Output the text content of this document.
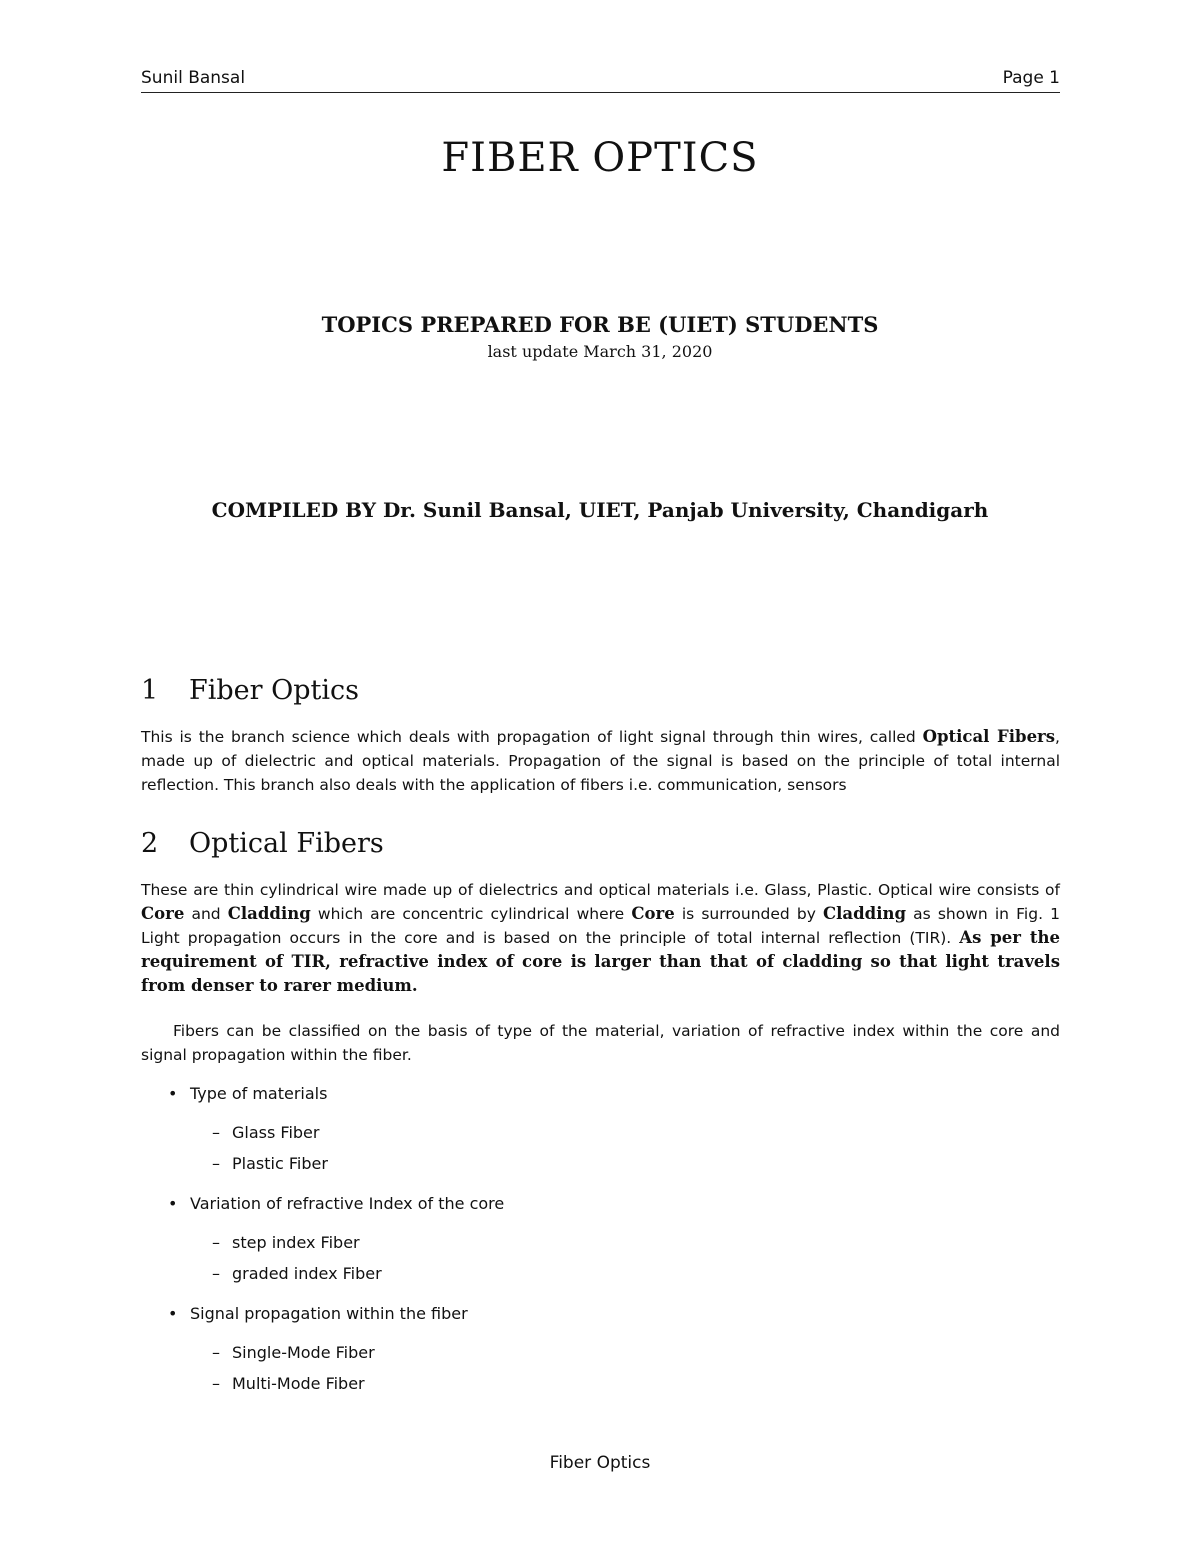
Sunil Bansal	Page 1
FIBER OPTICS
TOPICS PREPARED FOR BE (UIET) STUDENTS
last update March 31, 2020
COMPILED BY Dr. Sunil Bansal, UIET, Panjab University, Chandigarh
1 Fiber Optics
This is the branch science which deals with propagation of light signal through thin wires, called Optical Fibers, made up of dielectric and optical materials. Propagation of the signal is based on the principle of total internal reflection. This branch also deals with the application of fibers i.e. communication, sensors
2 Optical Fibers
These are thin cylindrical wire made up of dielectrics and optical materials i.e. Glass, Plastic. Optical wire consists of Core and Cladding which are concentric cylindrical where Core is surrounded by Cladding as shown in Fig. 1 Light propagation occurs in the core and is based on the principle of total internal reflection (TIR). As per the requirement of TIR, refractive index of core is larger than that of cladding so that light travels from denser to rarer medium.
Fibers can be classified on the basis of type of the material, variation of refractive index within the core and signal propagation within the fiber.
• Type of materials
– Glass Fiber
– Plastic Fiber
• Variation of refractive Index of the core
– step index Fiber
– graded index Fiber
• Signal propagation within the fiber
– Single-Mode Fiber
– Multi-Mode Fiber
Fiber Optics
